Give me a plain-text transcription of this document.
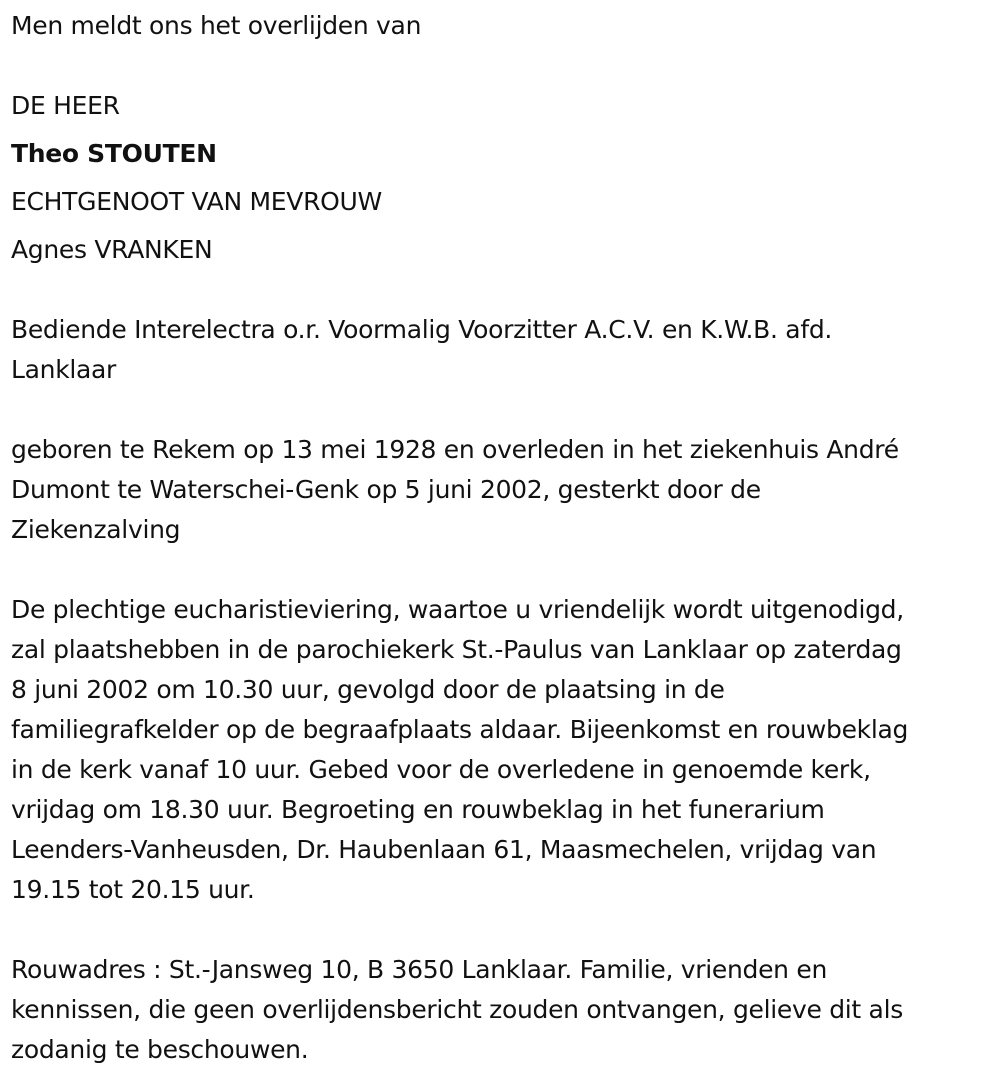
Men meldt ons het overlijden van

DE HEER

Theo STOUTEN

ECHTGENOOT VAN MEVROUW

Agnes VRANKEN

Bediende Interelectra o.r. Voormalig Voorzitter A.C.V. en K.W.B. afd.
Lanklaar
geboren te Rekem op 13 mei 1928 en overleden in het ziekenhuis André
Dumont te Waterschei-Genk op 5 juni 2002, gesterkt door de
Ziekenzalving
De plechtige eucharistieviering, waartoe u vriendelijk wordt uitgenodigd,
zal plaatshebben in de parochiekerk St.-Paulus van Lanklaar op zaterdag
8 juni 2002 om 10.30 uur, gevolgd door de plaatsing in de
familiegrafkelder op de begraafplaats aldaar. Bijeenkomst en rouwbeklag
in de kerk vanaf 10 uur. Gebed voor de overledene in genoemde kerk,
vrijdag om 18.30 uur. Begroeting en rouwbeklag in het funerarium
Leenders-Vanheusden, Dr. Haubenlaan 61, Maasmechelen, vrijdag van
19.15 tot 20.15 uur.
Rouwadres : St.-Jansweg 10, B 3650 Lanklaar. Familie, vrienden en
kennissen, die geen overlijdensbericht zouden ontvangen, gelieve dit als
zodanig te beschouwen.
